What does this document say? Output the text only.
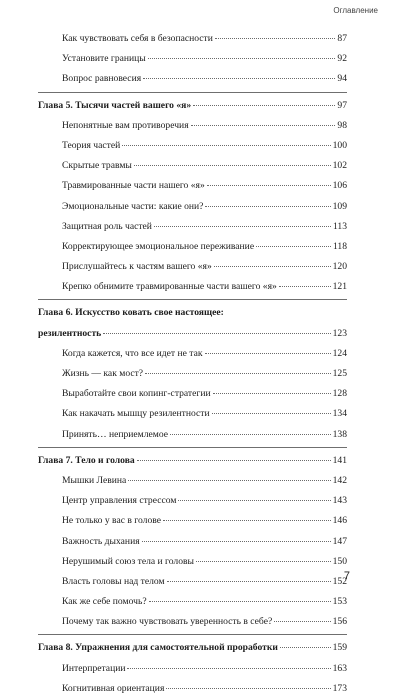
Оглавление
Как чувствовать себя в безопасности	87
Установите границы	92
Вопрос равновесия	94
Глава 5. Тысячи частей вашего «я»	97
Непонятные вам противоречия	98
Теория частей	100
Скрытые травмы	102
Травмированные части нашего «я»	106
Эмоциональные части: какие они?	109
Защитная роль частей	113
Корректирующее эмоциональное переживание	118
Прислушайтесь к частям вашего «я»	120
Крепко обнимите травмированные части вашего «я»	121
Глава 6. Искусство ковать свое настоящее:
резилентность	123
Когда кажется, что все идет не так	124
Жизнь — как мост?	125
Выработайте свои копинг-стратегии	128
Как накачать мышцу резилентности	134
Принять… неприемлемое	138
Глава 7. Тело и голова	141
Мышки Левина	142
Центр управления стрессом	143
Не только у вас в голове	146
Важность дыхания	147
Нерушимый союз тела и головы	150
Власть головы над телом	152
Как же себе помочь?	153
Почему так важно чувствовать уверенность в себе?	156
Глава 8. Упражнения для самостоятельной проработки	159
Интерпретации	163
Когнитивная ориентация	173
7
